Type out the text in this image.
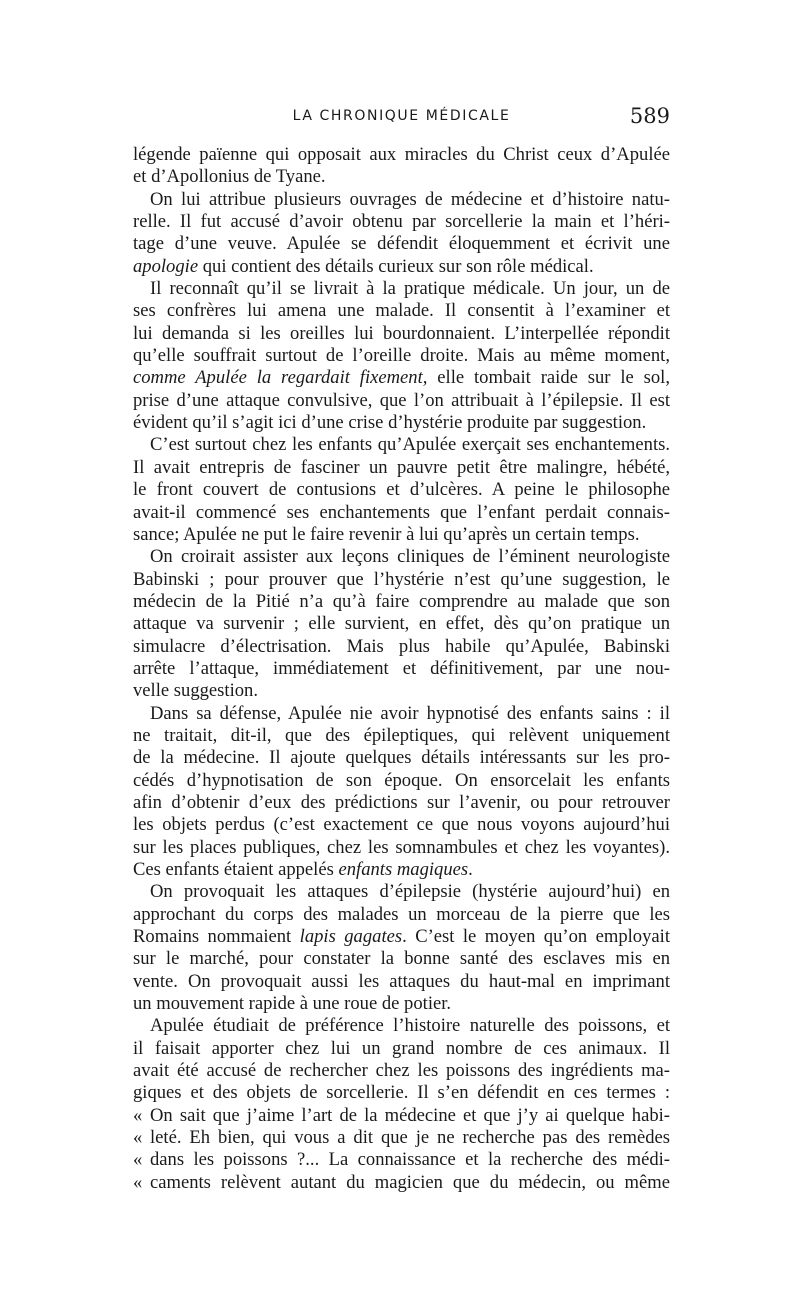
LA CHRONIQUE MÉDICALE	589
légende païenne qui opposait aux miracles du Christ ceux d’Apulée
et d’Apollonius de Tyane.
On lui attribue plusieurs ouvrages de médecine et d’histoire natu-
relle. Il fut accusé d’avoir obtenu par sorcellerie la main et l’héri-
tage d’une veuve. Apulée se défendit éloquemment et écrivit une
apologie qui contient des détails curieux sur son rôle médical.
Il reconnaît qu’il se livrait à la pratique médicale. Un jour, un de
ses confrères lui amena une malade. Il consentit à l’examiner et
lui demanda si les oreilles lui bourdonnaient. L’interpellée répondit
qu’elle souffrait surtout de l’oreille droite. Mais au même moment,
comme Apulée la regardait fixement, elle tombait raide sur le sol,
prise d’une attaque convulsive, que l’on attribuait à l’épilepsie. Il est
évident qu’il s’agit ici d’une crise d’hystérie produite par suggestion.
C’est surtout chez les enfants qu’Apulée exerçait ses enchantements.
Il avait entrepris de fasciner un pauvre petit être malingre, hébété,
le front couvert de contusions et d’ulcères. A peine le philosophe
avait-il commencé ses enchantements que l’enfant perdait connais-
sance; Apulée ne put le faire revenir à lui qu’après un certain temps.
On croirait assister aux leçons cliniques de l’éminent neurologiste
Babinski ; pour prouver que l’hystérie n’est qu’une suggestion, le
médecin de la Pitié n’a qu’à faire comprendre au malade que son
attaque va survenir ; elle survient, en effet, dès qu’on pratique un
simulacre d’électrisation. Mais plus habile qu’Apulée, Babinski
arrête l’attaque, immédiatement et définitivement, par une nou-
velle suggestion.
Dans sa défense, Apulée nie avoir hypnotisé des enfants sains : il
ne traitait, dit-il, que des épileptiques, qui relèvent uniquement
de la médecine. Il ajoute quelques détails intéressants sur les pro-
cédés d’hypnotisation de son époque. On ensorcelait les enfants
afin d’obtenir d’eux des prédictions sur l’avenir, ou pour retrouver
les objets perdus (c’est exactement ce que nous voyons aujourd’hui
sur les places publiques, chez les somnambules et chez les voyantes).
Ces enfants étaient appelés enfants magiques.
On provoquait les attaques d’épilepsie (hystérie aujourd’hui) en
approchant du corps des malades un morceau de la pierre que les
Romains nommaient lapis gagates. C’est le moyen qu’on employait
sur le marché, pour constater la bonne santé des esclaves mis en
vente. On provoquait aussi les attaques du haut-mal en imprimant
un mouvement rapide à une roue de potier.
Apulée étudiait de préférence l’histoire naturelle des poissons, et
il faisait apporter chez lui un grand nombre de ces animaux. Il
avait été accusé de rechercher chez les poissons des ingrédients ma-
giques et des objets de sorcellerie. Il s’en défendit en ces termes :
« On sait que j’aime l’art de la médecine et que j’y ai quelque habi-
« leté. Eh bien, qui vous a dit que je ne recherche pas des remèdes
« dans les poissons ?... La connaissance et la recherche des médi-
« caments relèvent autant du magicien que du médecin, ou même
